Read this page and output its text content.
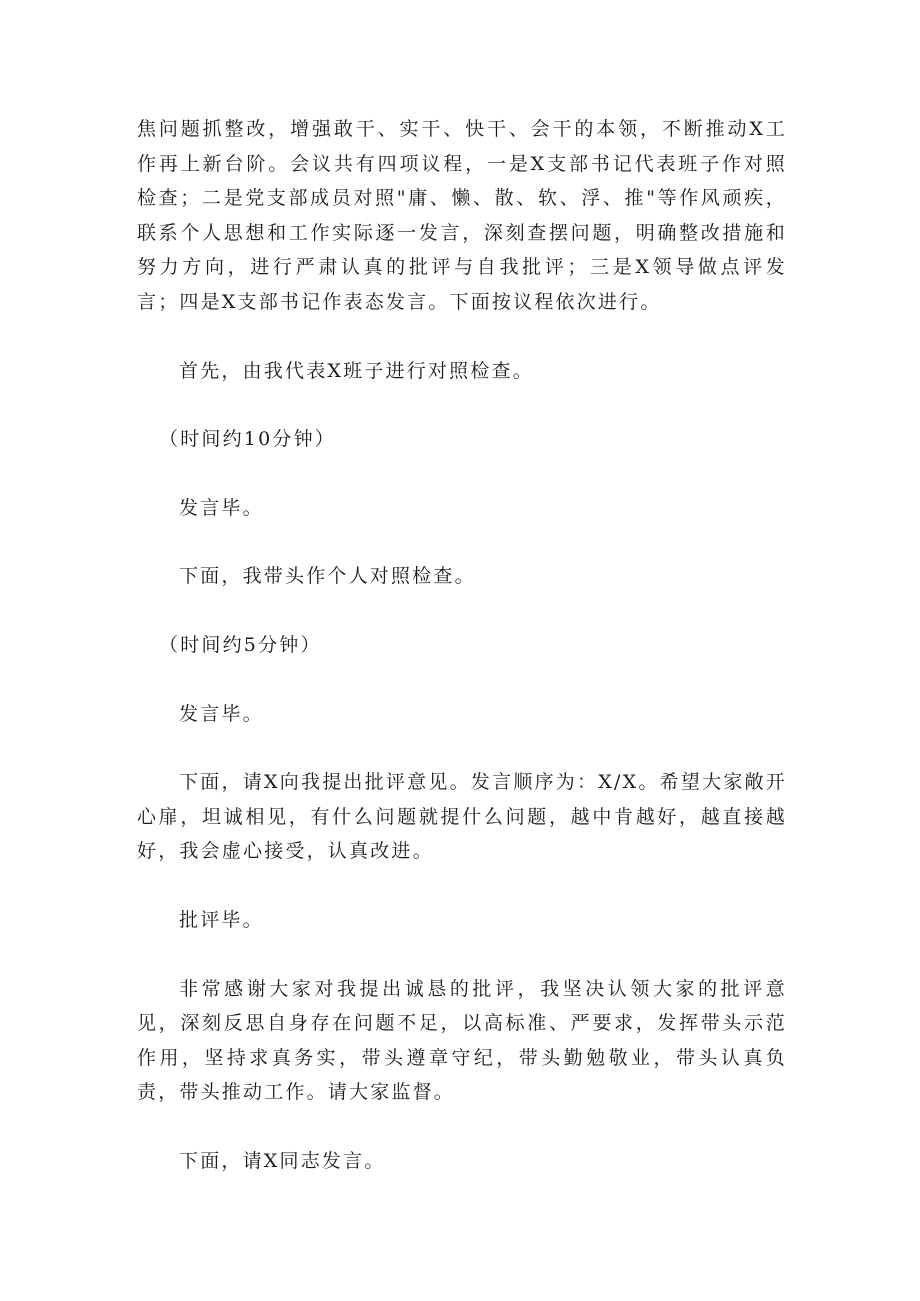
焦问题抓整改，增强敢干、实干、快干、会干的本领，不断推动X工作再上新台阶。会议共有四项议程，一是X支部书记代表班子作对照检查；二是党支部成员对照"庸、懒、散、软、浮、推"等作风顽疾，联系个人思想和工作实际逐一发言，深刻查摆问题，明确整改措施和努力方向，进行严肃认真的批评与自我批评；三是X领导做点评发言；四是X支部书记作表态发言。下面按议程依次进行。

首先，由我代表X班子进行对照检查。

（时间约10分钟）

发言毕。

下面，我带头作个人对照检查。

（时间约5分钟）

发言毕。

下面，请X向我提出批评意见。发言顺序为：X/X。希望大家敞开心扉，坦诚相见，有什么问题就提什么问题，越中肯越好，越直接越好，我会虚心接受，认真改进。

批评毕。

非常感谢大家对我提出诚恳的批评，我坚决认领大家的批评意见，深刻反思自身存在问题不足，以高标准、严要求，发挥带头示范作用，坚持求真务实，带头遵章守纪，带头勤勉敬业，带头认真负责，带头推动工作。请大家监督。

下面，请X同志发言。
